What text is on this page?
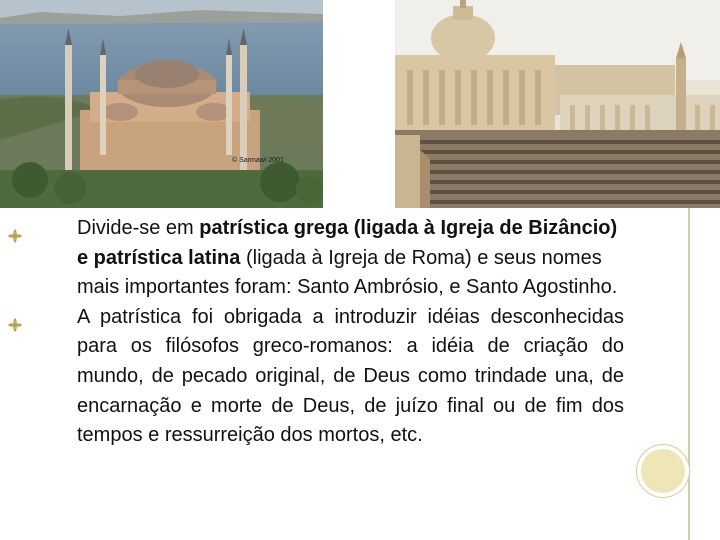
© Sarmawi 2001
Divide-se em patrística grega (ligada à Igreja de Bizâncio) e patrística latina (ligada à Igreja de Roma) e seus nomes mais importantes foram: Santo Ambrósio, e Santo Agostinho.
A patrística foi obrigada a introduzir idéias desconhecidas para os filósofos greco-romanos: a idéia de criação do mundo, de pecado original, de Deus como trindade una, de encarnação e morte de Deus, de juízo final ou de fim dos tempos e ressurreição dos mortos, etc.
